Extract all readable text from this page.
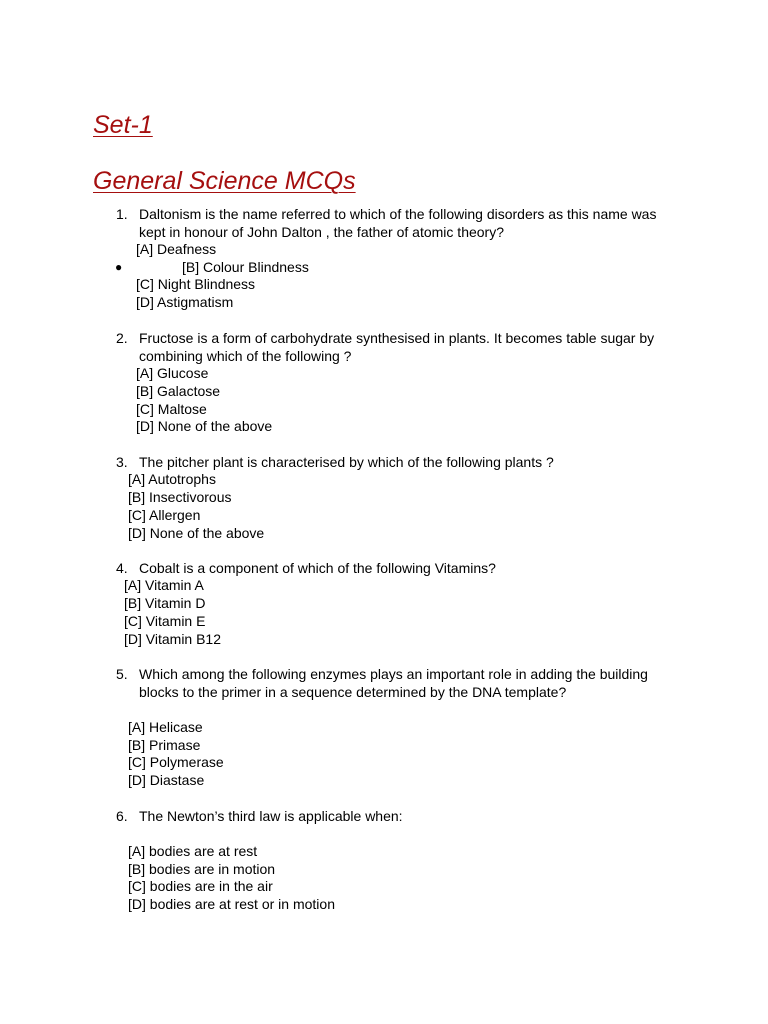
Set-1
General Science MCQs
1. Daltonism is the name referred to which of the following disorders as this name was
kept in honour of John Dalton , the father of atomic theory?
[A] Deafness
●	[B] Colour Blindness
[C] Night Blindness
[D] Astigmatism
2. Fructose is a form of carbohydrate synthesised in plants. It becomes table sugar by
combining which of the following ?
[A] Glucose
[B] Galactose
[C] Maltose
[D] None of the above
3. The pitcher plant is characterised by which of the following plants ?
[A] Autotrophs
[B] Insectivorous
[C] Allergen
[D] None of the above
4. Cobalt is a component of which of the following Vitamins?
[A] Vitamin A
[B] Vitamin D
[C] Vitamin E
[D] Vitamin B12
5. Which among the following enzymes plays an important role in adding the building
blocks to the primer in a sequence determined by the DNA template?
[A] Helicase
[B] Primase
[C] Polymerase
[D] Diastase
6. The Newton’s third law is applicable when:
[A] bodies are at rest
[B] bodies are in motion
[C] bodies are in the air
[D] bodies are at rest or in motion
